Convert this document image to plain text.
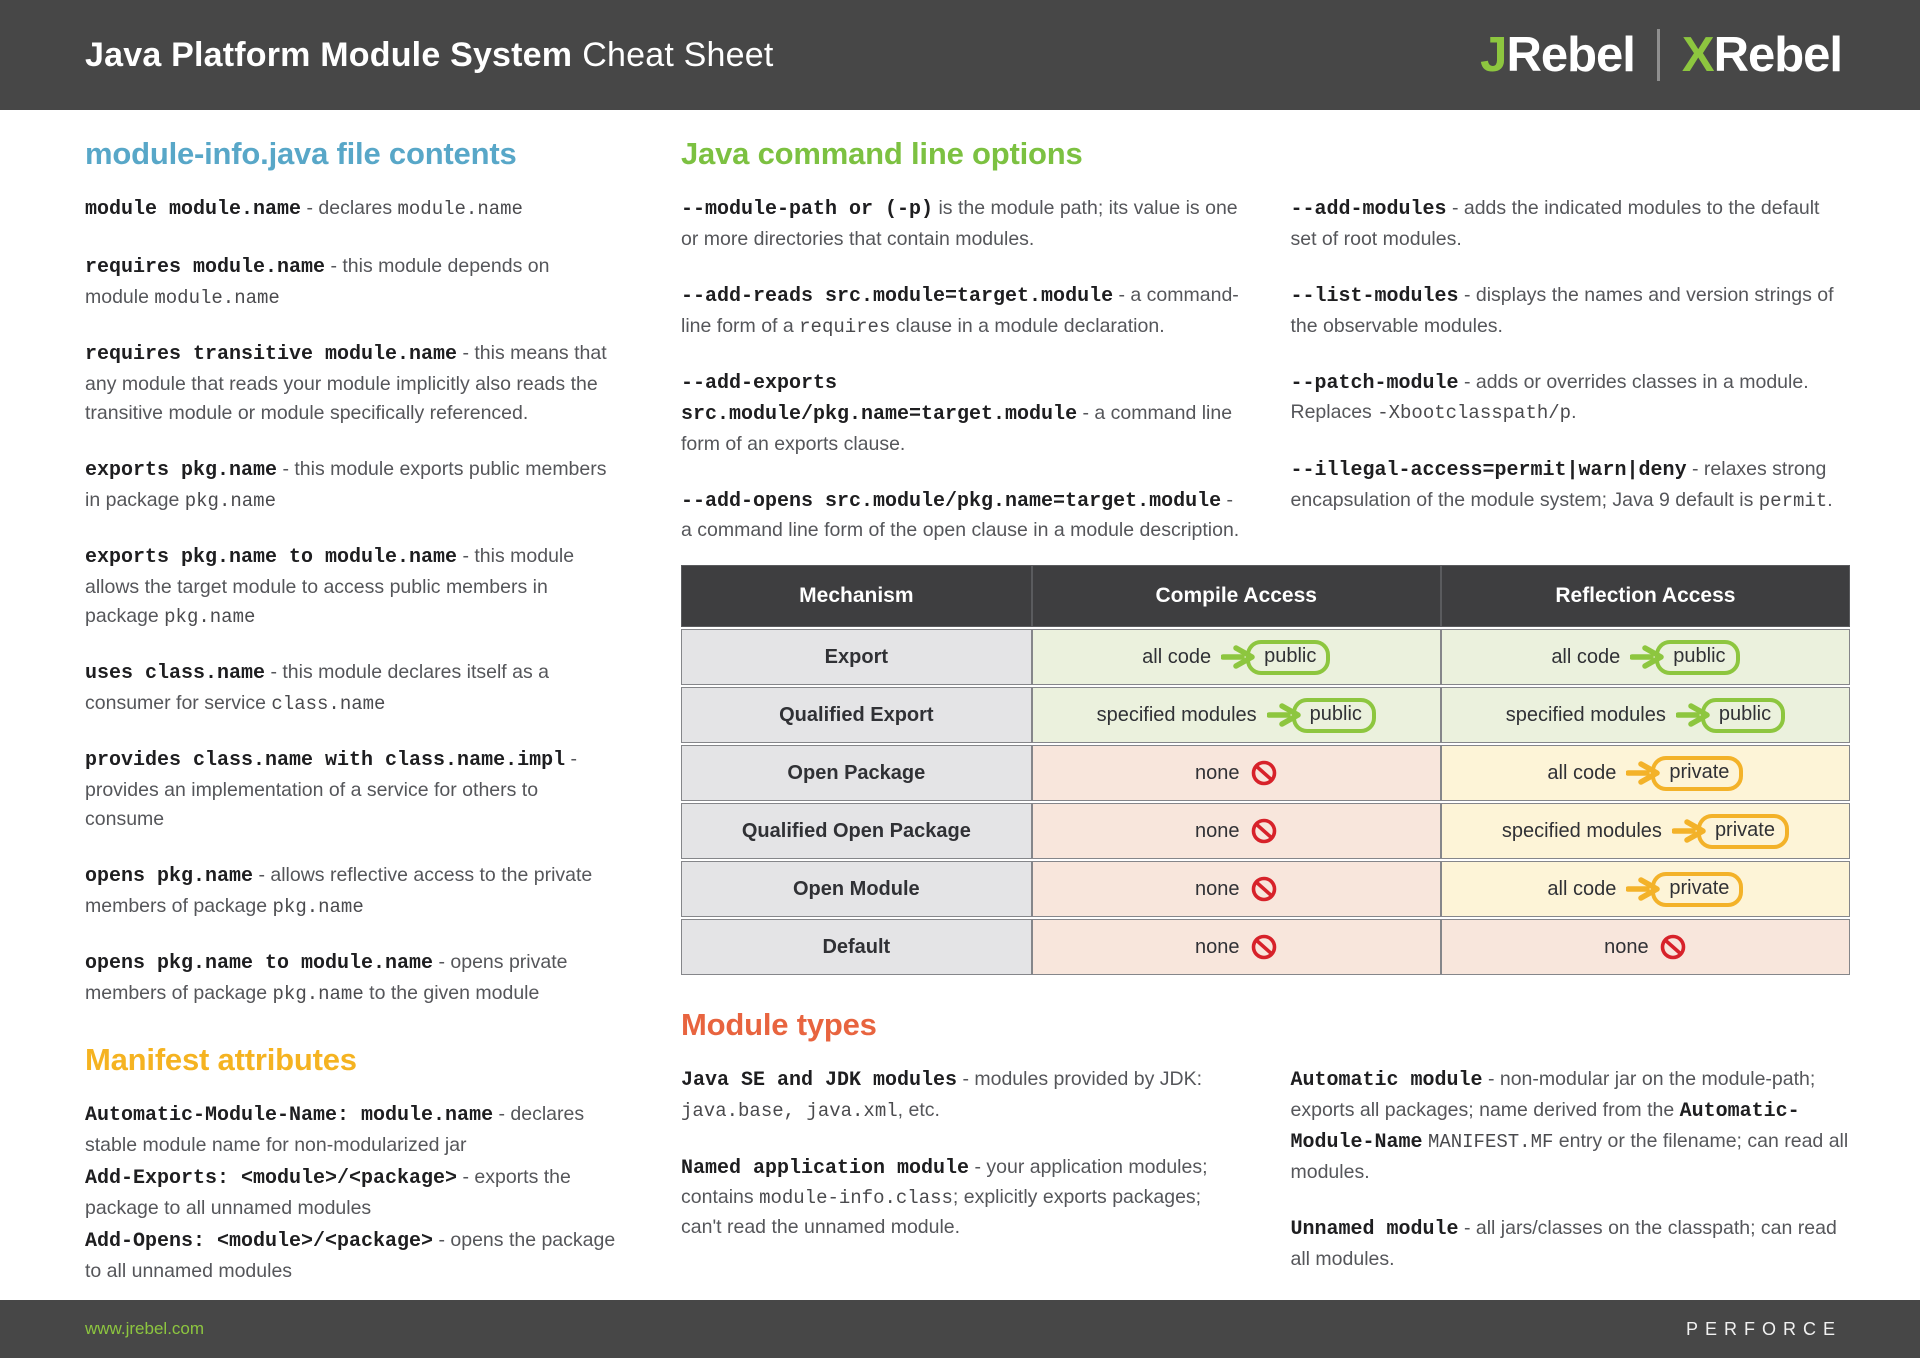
Java Platform Module System Cheat Sheet	JRebel XRebel
module-info.java file contents

module module.name - declares module.name

requires module.name - this module depends on module module.name

requires transitive module.name - this means that any module that reads your module implicitly also reads the transitive module or module specifically referenced.

exports pkg.name - this module exports public members in package pkg.name

exports pkg.name to module.name - this module allows the target module to access public members in package pkg.name

uses class.name - this module declares itself as a consumer for service class.name

provides class.name with class.name.impl - provides an implementation of a service for others to consume

opens pkg.name - allows reflective access to the private members of package pkg.name

opens pkg.name to module.name - opens private members of package pkg.name to the given module

Manifest attributes

Automatic-Module-Name: module.name - declares stable module name for non-modularized jar

Add-Exports: <module>/<package> - exports the package to all unnamed modules

Add-Opens: <module>/<package> - opens the package to all unnamed modules

Java command line options

--module-path or (-p) is the module path; its value is one or more directories that contain modules.

--add-reads src.module=target.module - a command-line form of a requires clause in a module declaration.

--add-exports src.module/pkg.name=target.module - a command line form of an exports clause.

--add-opens src.module/pkg.name=target.module - a command line form of the open clause in a module description.

--add-modules - adds the indicated modules to the default set of root modules.

--list-modules - displays the names and version strings of the observable modules.

--patch-module - adds or overrides classes in a module. Replaces -Xbootclasspath/p.

--illegal-access=permit|warn|deny - relaxes strong encapsulation of the module system; Java 9 default is permit.

Mechanism	Compile Access	Reflection Access
Export	all code public	all code public

Qualified Export	specified modules public	specified modules public

Open Package	none	all code private

Qualified Open Package	none	specified modules private

Open Module	none	all code private

Default	none	none
Module types

Java SE and JDK modules - modules provided by JDK: java.base, java.xml, etc.

Named application module - your application modules; contains module-info.class; explicitly exports packages; can't read the unnamed module.

Automatic module - non-modular jar on the module-path; exports all packages; name derived from the Automatic-Module-Name MANIFEST.MF entry or the filename; can read all modules.

Unnamed module - all jars/classes on the classpath; can read all modules.

www.jrebel.com	PERFORCE
